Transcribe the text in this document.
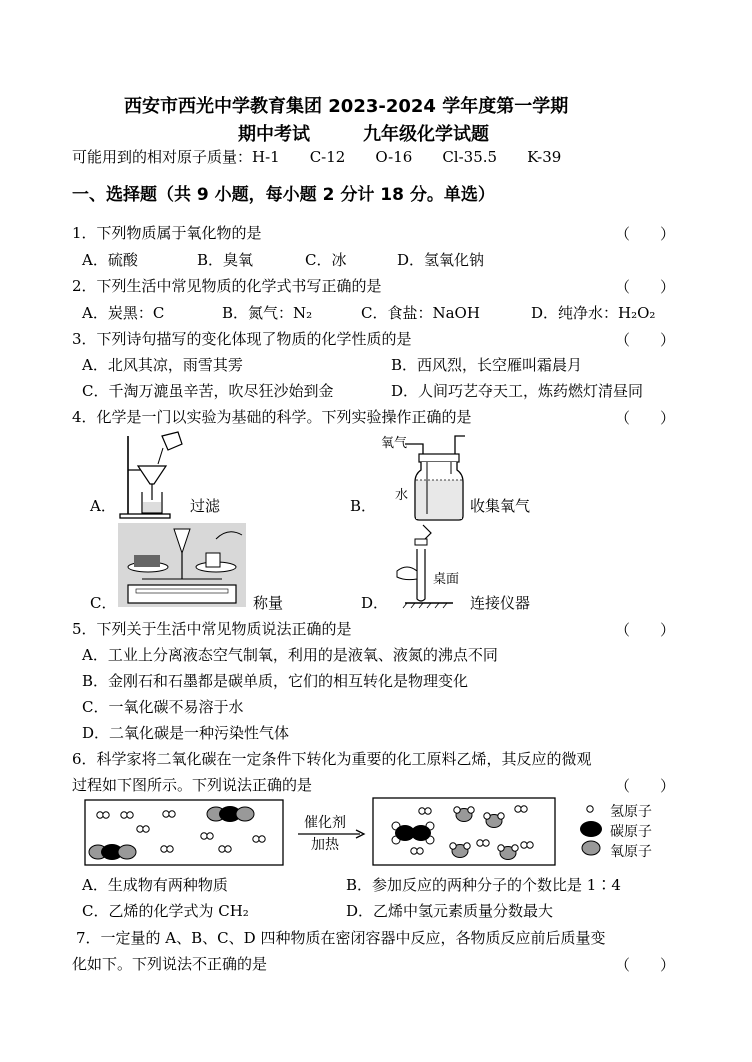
西安市西光中学教育集团 2023-2024 学年度第一学期
期中考试	九年级化学试题
可能用到的相对原子质量：H-1　　C-12　　O-16　　Cl-35.5　　K-39
一、选择题（共 9 小题，每小题 2 分计 18 分。单选）
1．下列物质属于氧化物的是	（　　）
A．硫酸	B．臭氧	C．冰	D．氢氧化钠
2．下列生活中常见物质的化学式书写正确的是	（　　）
A．炭黑：C	B．氮气：N₂	C．食盐：NaOH	D．纯净水：H₂O₂
3．下列诗句描写的变化体现了物质的化学性质的是	（　　）
A．北风其凉，雨雪其雱	B．西风烈，长空雁叫霜晨月
C．千淘万漉虽辛苦，吹尽狂沙始到金	D．人间巧艺夺天工，炼药燃灯清昼同
4．化学是一门以实验为基础的科学。下列实验操作正确的是	（　　）
A．	过滤
氧气
水
B．	收集氧气
C．	称量
桌面
D．	连接仪器
5．下列关于生活中常见物质说法正确的是	（　　）
A．工业上分离液态空气制氧，利用的是液氧、液氮的沸点不同
B．金刚石和石墨都是碳单质，它们的相互转化是物理变化
C．一氧化碳不易溶于水
D．二氧化碳是一种污染性气体
6．科学家将二氧化碳在一定条件下转化为重要的化工原料乙烯，其反应的微观
过程如下图所示。下列说法正确的是	（　　）
催化剂
加热
氢原子
碳原子
氧原子
A．生成物有两种物质	B．参加反应的两种分子的个数比是 1∶4
C．乙烯的化学式为 CH₂	D．乙烯中氢元素质量分数最大
7．一定量的 A、B、C、D 四种物质在密闭容器中反应，各物质反应前后质量变
化如下。下列说法不正确的是	（　　）
